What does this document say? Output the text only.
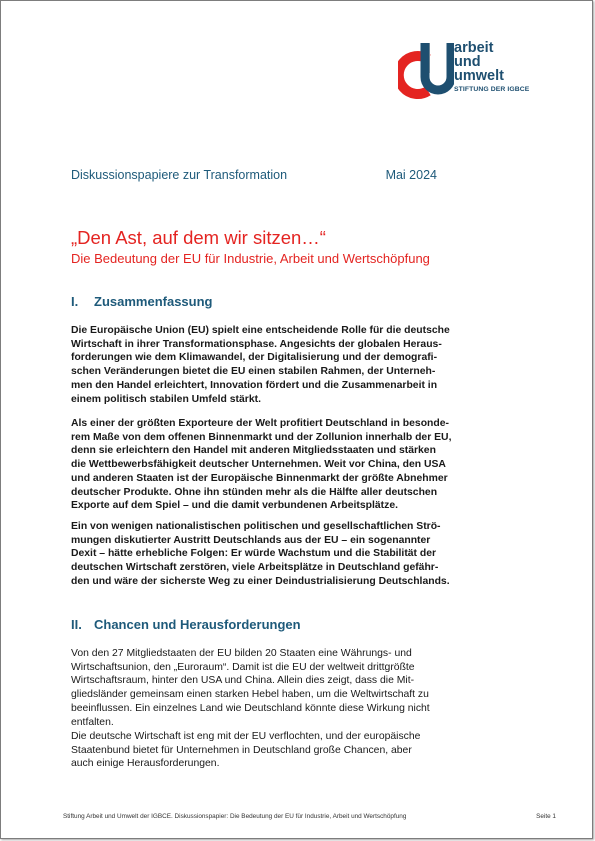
arbeit
und
umwelt
STIFTUNG DER IGBCE
Diskussionspapiere zur Transformation	Mai 2024
„Den Ast, auf dem wir sitzen…“
Die Bedeutung der EU für Industrie, Arbeit und Wertschöpfung
I. Zusammenfassung
Die Europäische Union (EU) spielt eine entscheidende Rolle für die deutsche
Wirtschaft in ihrer Transformationsphase. Angesichts der globalen Heraus-
forderungen wie dem Klimawandel, der Digitalisierung und der demografi-
schen Veränderungen bietet die EU einen stabilen Rahmen, der Unterneh-
men den Handel erleichtert, Innovation fördert und die Zusammenarbeit in
einem politisch stabilen Umfeld stärkt.
Als einer der größten Exporteure der Welt profitiert Deutschland in besonde-
rem Maße von dem offenen Binnenmarkt und der Zollunion innerhalb der EU,
denn sie erleichtern den Handel mit anderen Mitgliedsstaaten und stärken
die Wettbewerbsfähigkeit deutscher Unternehmen. Weit vor China, den USA
und anderen Staaten ist der Europäische Binnenmarkt der größte Abnehmer
deutscher Produkte. Ohne ihn stünden mehr als die Hälfte aller deutschen
Exporte auf dem Spiel – und die damit verbundenen Arbeitsplätze.
Ein von wenigen nationalistischen politischen und gesellschaftlichen Strö-
mungen diskutierter Austritt Deutschlands aus der EU – ein sogenannter
Dexit – hätte erhebliche Folgen: Er würde Wachstum und die Stabilität der
deutschen Wirtschaft zerstören, viele Arbeitsplätze in Deutschland gefähr-
den und wäre der sicherste Weg zu einer Deindustrialisierung Deutschlands.
II. Chancen und Herausforderungen
Von den 27 Mitgliedstaaten der EU bilden 20 Staaten eine Währungs- und
Wirtschaftsunion, den „Euroraum“. Damit ist die EU der weltweit drittgrößte
Wirtschaftsraum, hinter den USA und China. Allein dies zeigt, dass die Mit-
gliedsländer gemeinsam einen starken Hebel haben, um die Weltwirtschaft zu
beeinflussen. Ein einzelnes Land wie Deutschland könnte diese Wirkung nicht
entfalten.
Die deutsche Wirtschaft ist eng mit der EU verflochten, und der europäische
Staatenbund bietet für Unternehmen in Deutschland große Chancen, aber
auch einige Herausforderungen.
Stiftung Arbeit und Umwelt der IGBCE. Diskussionspapier: Die Bedeutung der EU für Industrie, Arbeit und Wertschöpfung	Seite 1
